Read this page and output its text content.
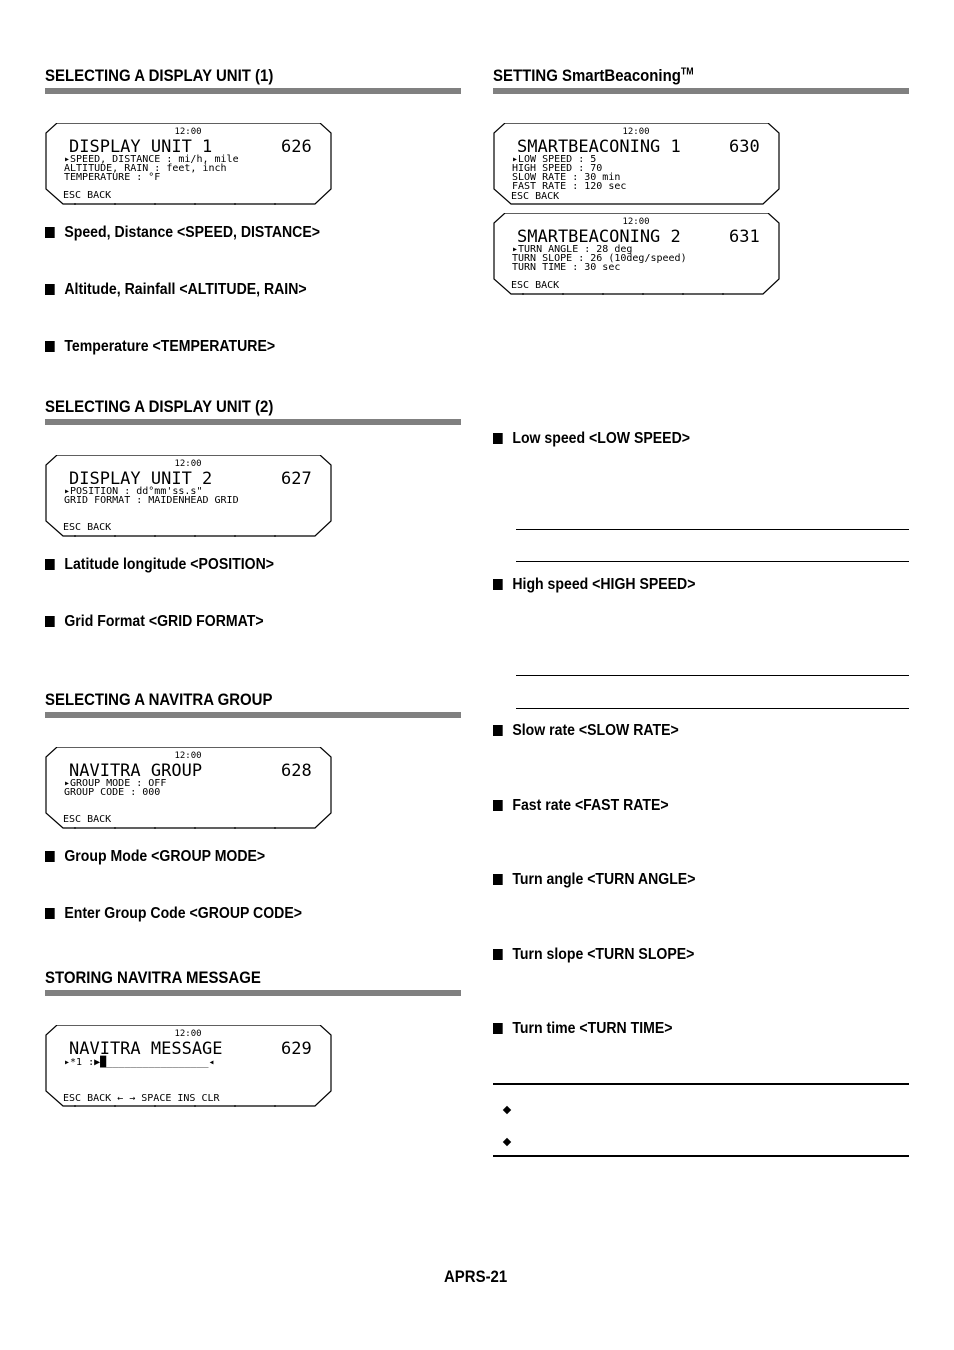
SELECTING A DISPLAY UNIT (1)
12:00
DISPLAY UNIT 1	626
▸SPEED, DISTANCE : mi/h, mile
ALTITUDE, RAIN : feet, inch
TEMPERATURE : °F
ESC BACK
Speed, Distance <SPEED, DISTANCE>
Altitude, Rainfall <ALTITUDE, RAIN>
Temperature <TEMPERATURE>
SELECTING A DISPLAY UNIT (2)
12:00
DISPLAY UNIT 2	627
▸POSITION : dd°mm'ss.s"
GRID FORMAT : MAIDENHEAD GRID
ESC BACK
Latitude longitude <POSITION>
Grid Format <GRID FORMAT>
SELECTING A NAVITRA GROUP
12:00
NAVITRA GROUP	628
▸GROUP MODE : OFF
GROUP CODE : 000
ESC BACK
Group Mode <GROUP MODE>
Enter Group Code <GROUP CODE>
STORING NAVITRA MESSAGE
12:00
NAVITRA MESSAGE	629
▸*1 :▶█_________________◂
ESC BACK ← → SPACE INS CLR
SETTING SmartBeaconing™
12:00
SMARTBEACONING 1	630
▸LOW SPEED : 5
HIGH SPEED : 70
SLOW RATE : 30 min
FAST RATE : 120 sec
ESC BACK
12:00
SMARTBEACONING 2	631
▸TURN ANGLE : 28 deg
TURN SLOPE : 26 (10deg/speed)
TURN TIME : 30 sec
ESC BACK
Low speed <LOW SPEED>
High speed <HIGH SPEED>
Slow rate <SLOW RATE>
Fast rate <FAST RATE>
Turn angle <TURN ANGLE>
Turn slope <TURN SLOPE>
Turn time <TURN TIME>
APRS-21
